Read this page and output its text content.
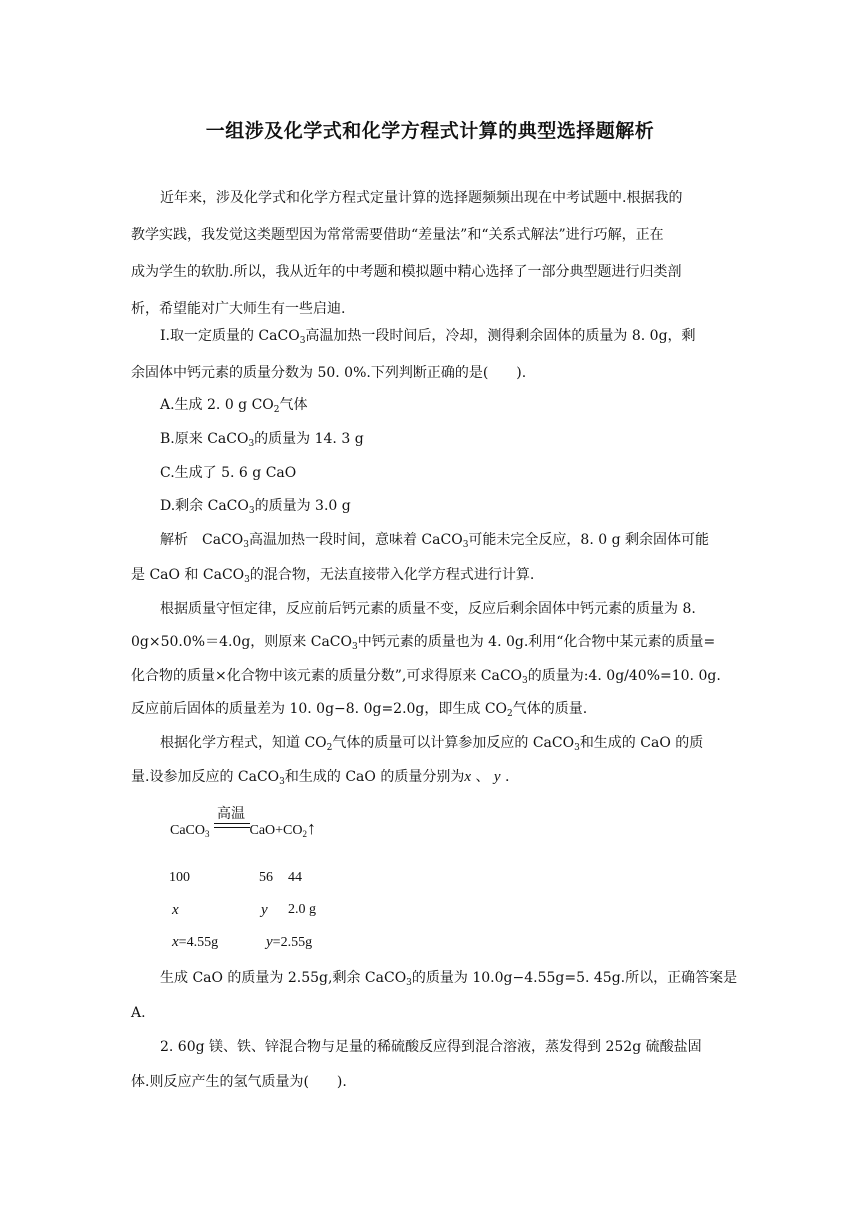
一组涉及化学式和化学方程式计算的典型选择题解析
近年来，涉及化学式和化学方程式定量计算的选择题频频出现在中考试题中.根据我的
教学实践，我发觉这类题型因为常常需要借助“差量法”和“关系式解法”进行巧解，正在
成为学生的软肋.所以，我从近年的中考题和模拟题中精心选择了一部分典型题进行归类剖
析，希望能对广大师生有一些启迪.
I.取一定质量的 CaCO$_3$高温加热一段时间后，冷却，测得剩余固体的质量为 8. 0g，剩
余固体中钙元素的质量分数为 50. 0%.下列判断正确的是(　　).
A.生成 2. 0 g $CO_2$气体
B.原来 CaCO$_3$的质量为 14. 3 g
C.生成了 5. 6 g CaO
D.剩余 CaCO$_3$的质量为 3.0 g
解析　CaCO$_3$高温加热一段时间，意味着 CaCO$_3$可能未完全反应，8. 0 g 剩余固体可能
是 CaO 和 CaCO$_3$的混合物，无法直接带入化学方程式进行计算.
根据质量守恒定律，反应前后钙元素的质量不变，反应后剩余固体中钙元素的质量为 8.
0g×50.0%＝4.0g，则原来 CaCO$_3$中钙元素的质量也为 4. 0g.利用“化合物中某元素的质量=
化合物的质量×化合物中该元素的质量分数”,可求得原来 CaCO$_3$的质量为:4. 0g/40%=10. 0g.
反应前后固体的质量差为 10. 0g−8. 0g=2.0g，即生成 $CO_2$气体的质量.
根据化学方程式，知道 $CO_2$气体的质量可以计算参加反应的 CaCO$_3$和生成的 CaO 的质
量.设参加反应的 CaCO$_3$和生成的 CaO 的质量分别为x 、 y .
高温
CaCO$_3$	$CaO+CO_2↑$
100	56 44
x	y 2.0 g
x=4.55g	y=2.55g
生成 CaO 的质量为 2.55g,剩余 CaCO$_3$的质量为 10.0g−4.55g=5. 45g.所以，正确答案是
A.
2. 60g 镁、铁、锌混合物与足量的稀硫酸反应得到混合溶液，蒸发得到 252g 硫酸盐固
体.则反应产生的氢气质量为(　　).
